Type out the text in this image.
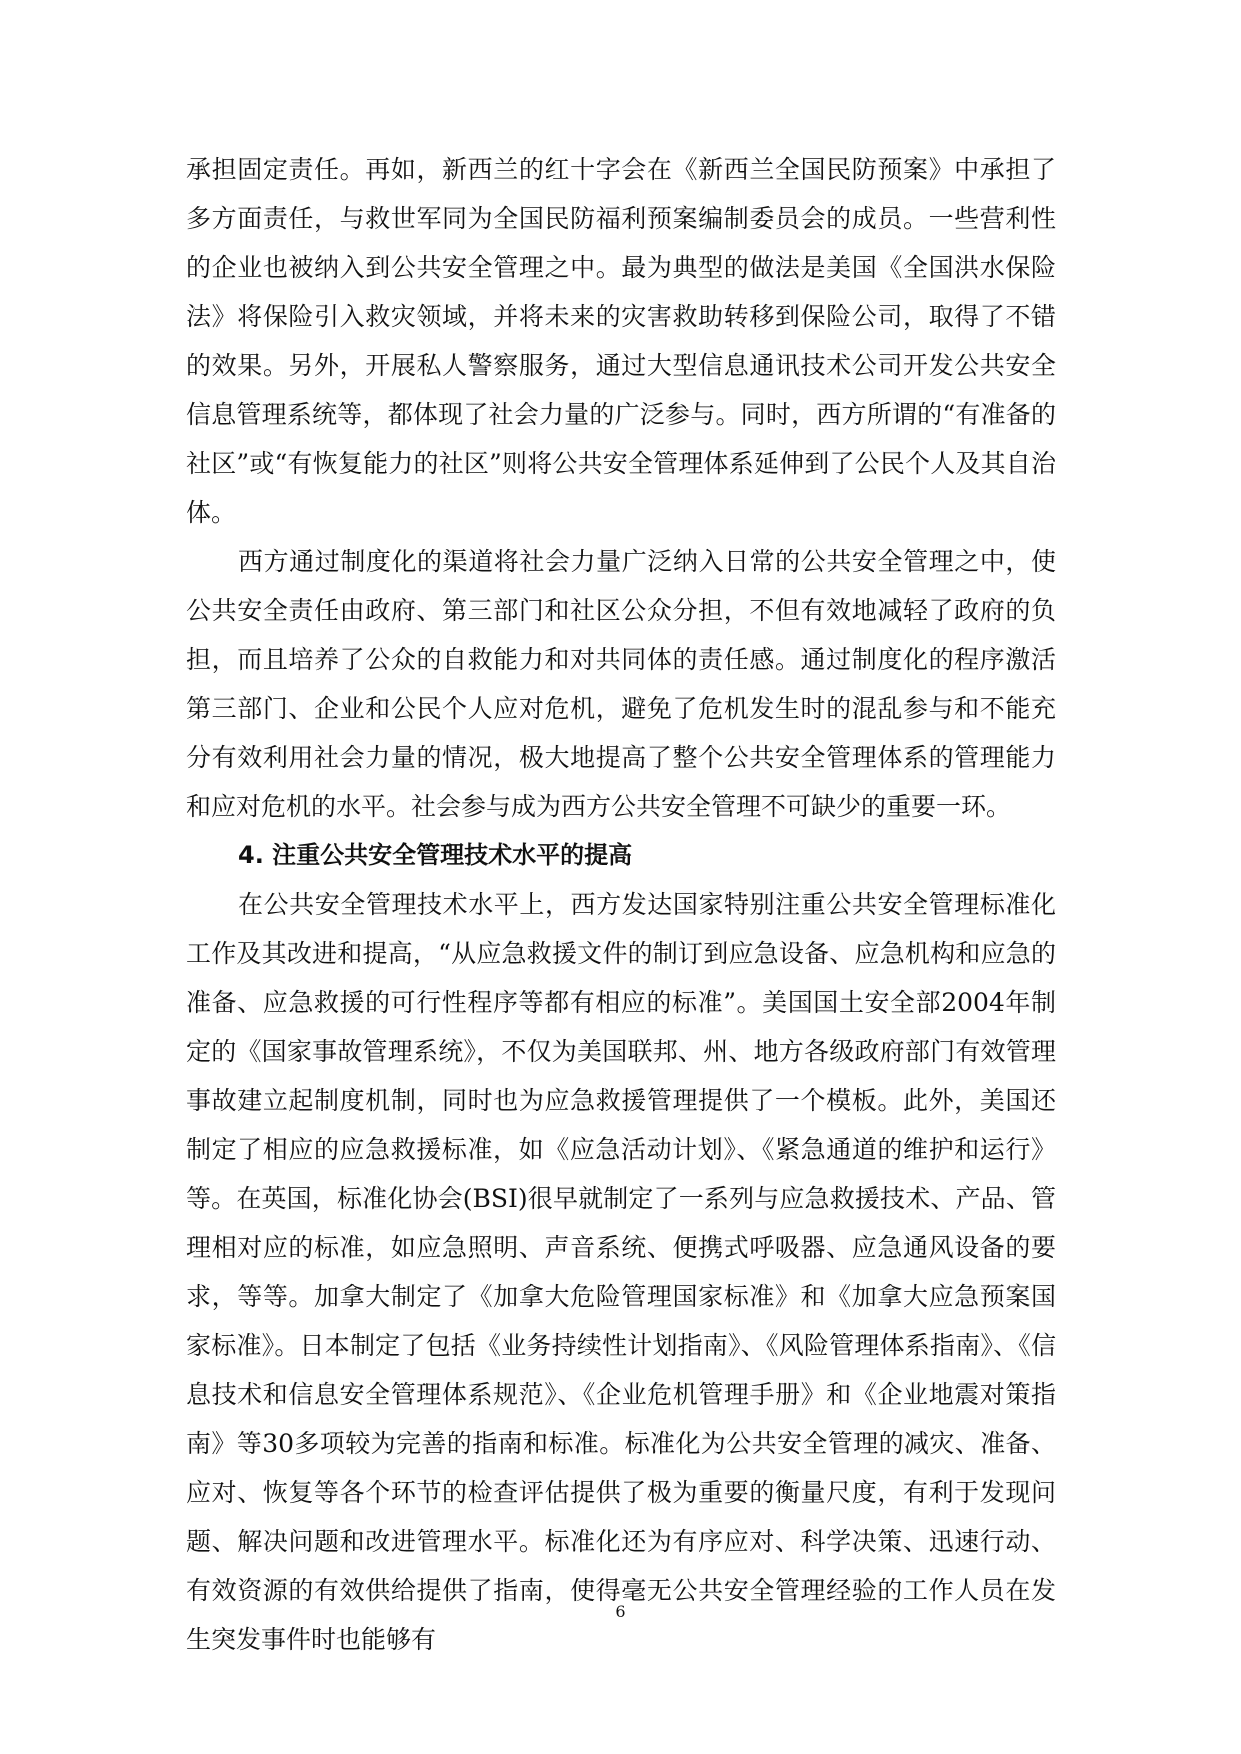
承担固定责任。再如，新西兰的红十字会在《新西兰全国民防预案》中承担了多方面责任，与救世军同为全国民防福利预案编制委员会的成员。一些营利性的企业也被纳入到公共安全管理之中。最为典型的做法是美国《全国洪水保险法》将保险引入救灾领域，并将未来的灾害救助转移到保险公司，取得了不错的效果。另外，开展私人警察服务，通过大型信息通讯技术公司开发公共安全信息管理系统等，都体现了社会力量的广泛参与。同时，西方所谓的“有准备的社区”或“有恢复能力的社区”则将公共安全管理体系延伸到了公民个人及其自治体。

西方通过制度化的渠道将社会力量广泛纳入日常的公共安全管理之中，使公共安全责任由政府、第三部门和社区公众分担，不但有效地减轻了政府的负担，而且培养了公众的自救能力和对共同体的责任感。通过制度化的程序激活第三部门、企业和公民个人应对危机，避免了危机发生时的混乱参与和不能充分有效利用社会力量的情况，极大地提高了整个公共安全管理体系的管理能力和应对危机的水平。社会参与成为西方公共安全管理不可缺少的重要一环。

4. 注重公共安全管理技术水平的提高

在公共安全管理技术水平上，西方发达国家特别注重公共安全管理标准化工作及其改进和提高，“从应急救援文件的制订到应急设备、应急机构和应急的准备、应急救援的可行性程序等都有相应的标准”。美国国土安全部2004年制定的《国家事故管理系统》，不仅为美国联邦、州、地方各级政府部门有效管理事故建立起制度机制，同时也为应急救援管理提供了一个模板。此外，美国还制定了相应的应急救援标准，如《应急活动计划》、《紧急通道的维护和运行》等。在英国，标准化协会(BSI)很早就制定了一系列与应急救援技术、产品、管理相对应的标准，如应急照明、声音系统、便携式呼吸器、应急通风设备的要求，等等。加拿大制定了《加拿大危险管理国家标准》和《加拿大应急预案国家标准》。日本制定了包括《业务持续性计划指南》、《风险管理体系指南》、《信息技术和信息安全管理体系规范》、《企业危机管理手册》和《企业地震对策指南》等30多项较为完善的指南和标准。标准化为公共安全管理的减灾、准备、应对、恢复等各个环节的检查评估提供了极为重要的衡量尺度，有利于发现问题、解决问题和改进管理水平。标准化还为有序应对、科学决策、迅速行动、有效资源的有效供给提供了指南，使得毫无公共安全管理经验的工作人员在发生突发事件时也能够有

6
